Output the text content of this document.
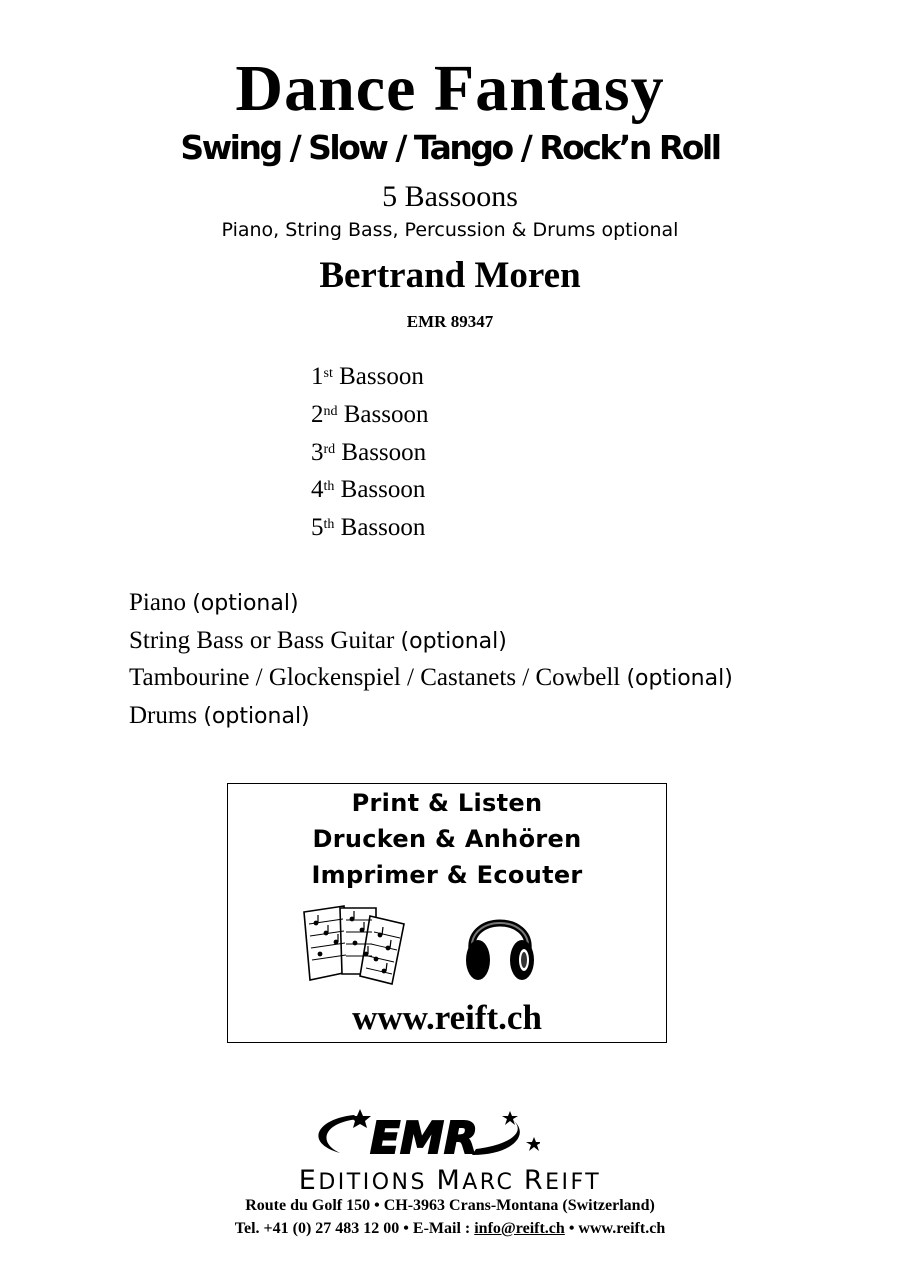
Dance Fantasy
Swing / Slow / Tango / Rock’n Roll
5 Bassoons
Piano, String Bass, Percussion & Drums optional
Bertrand Moren
EMR 89347
1st Bassoon
2nd Bassoon
3rd Bassoon
4th Bassoon
5th Bassoon
Piano (optional)
String Bass or Bass Guitar (optional)
Tambourine / Glockenspiel / Castanets / Cowbell (optional)
Drums (optional)
Print & Listen
Drucken & Anhören
Imprimer & Ecouter
www.reift.ch
EMR
EDITIONS MARC REIFT
Route du Golf 150 • CH-3963 Crans-Montana (Switzerland)
Tel. +41 (0) 27 483 12 00 • E-Mail : info@reift.ch • www.reift.ch
